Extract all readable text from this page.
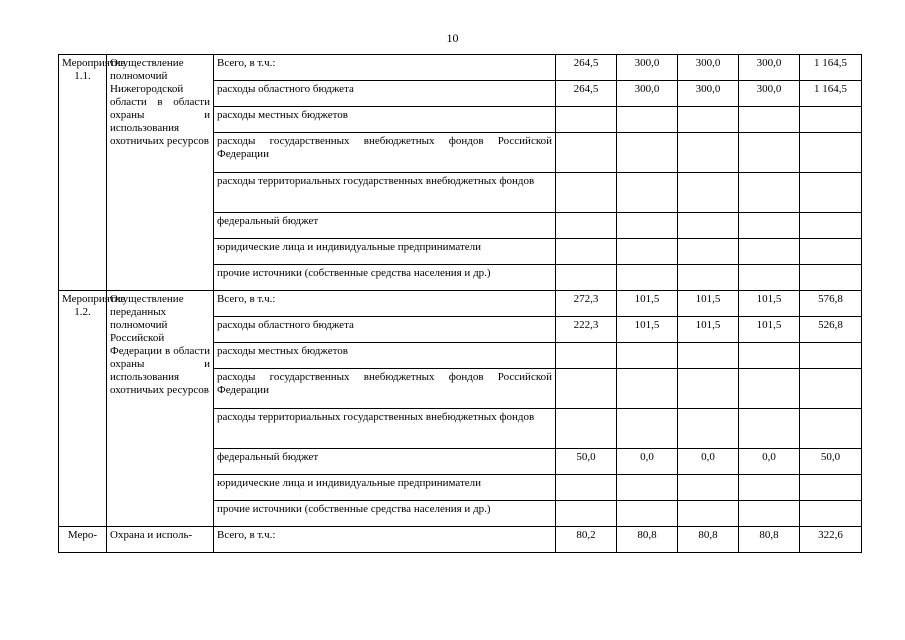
10
Мероприятие 1.1.	Осуществление полномочий Нижегородской области в области охраны и использования охотничьих ресурсов	Всего, в т.ч.:	264,5	300,0	300,0	300,0	1 164,5
		расходы областного бюджета	264,5	300,0	300,0	300,0	1 164,5
		расходы местных бюджетов					
		расходы государственных внебюджетных фондов Российской Федерации					
		расходы территориальных государственных внебюджетных фондов					
		федеральный бюджет					
		юридические лица и индивидуальные предприниматели					
		прочие источники (собственные средства населения и др.)					
Мероприятие 1.2.	Осуществление переданных полномочий Российской Федерации в области охраны и использования охотничьих ресурсов	Всего, в т.ч.:	272,3	101,5	101,5	101,5	576,8
		расходы областного бюджета	222,3	101,5	101,5	101,5	526,8
		расходы местных бюджетов					
		расходы государственных внебюджетных фондов Российской Федерации					
		расходы территориальных государственных внебюджетных фондов					
		федеральный бюджет	50,0	0,0	0,0	0,0	50,0
		юридические лица и индивидуальные предприниматели					
		прочие источники (собственные средства населения и др.)					
Меро-	Охрана и исполь-	Всего, в т.ч.:	80,2	80,8	80,8	80,8	322,6
